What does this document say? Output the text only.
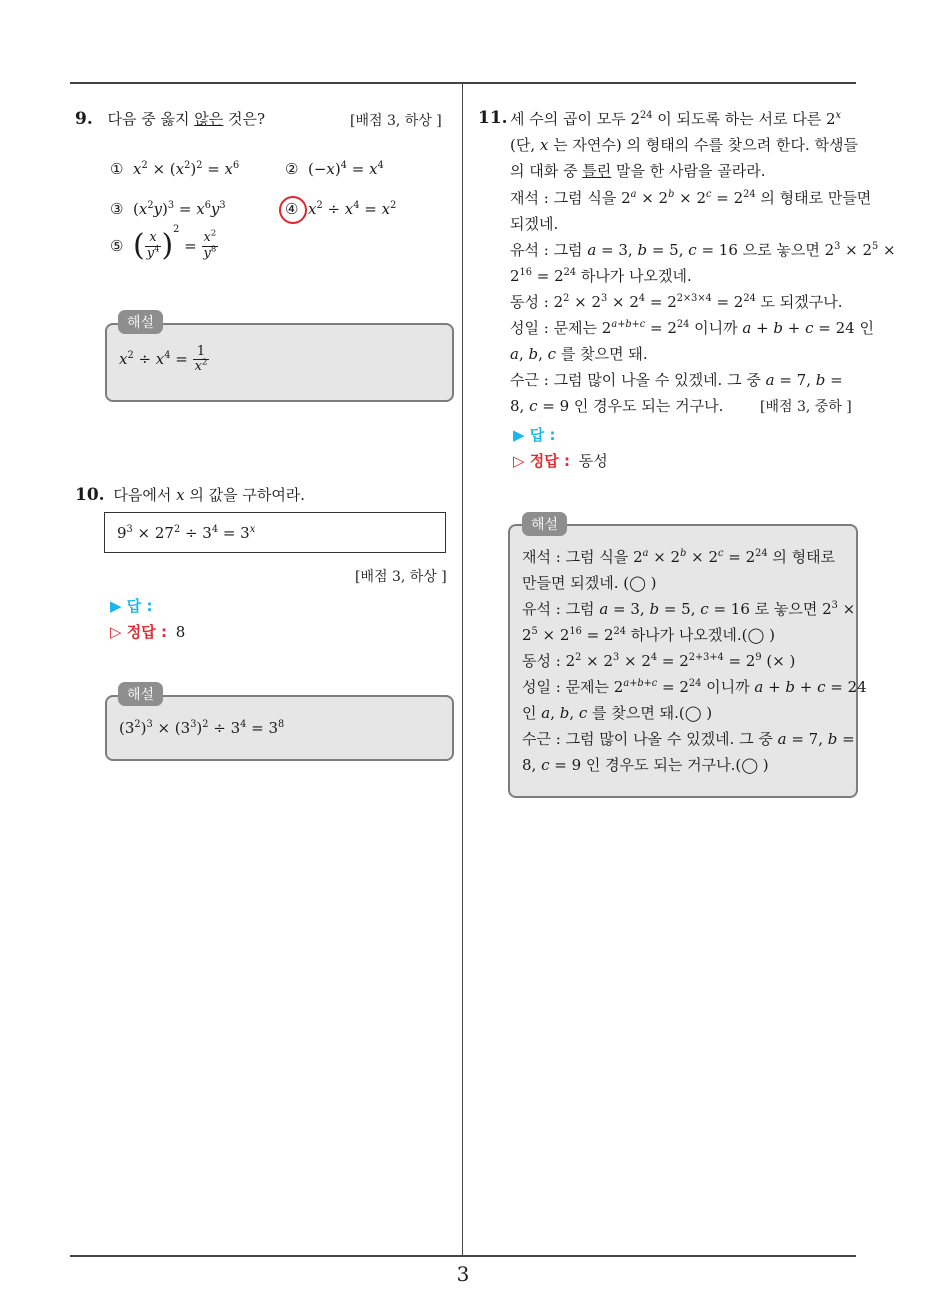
9. 다음 중 옳지 않은 것은?	[배점 3, 하상 ]
① $x^2 \times (x^2)^2 = x^6$	② $(-x)^4 = x^4$
③ $(x^2y)^3 = x^6y^3$	④ $x^2 \div x^4 = x^2$
⑤ ( $\frac{x}{y^4} )^2 = \frac{x^2}{y^8}$
$x^2 \div x^4 = \frac{1}{x^2}$
해설
10. 다음에서 x 의 값을 구하여라.
$9^3 \times 27^2 \div 3^4 = 3^x$
[배점 3, 하상 ]
▶ 답 :
▷ 정답 : 8
$(3^2)^3 \times (3^3)^2 \div 3^4 = 3^8$
해설
11. 세 수의 곱이 모두 $2^{24}$ 이 되도록 하는 서로 다른 2$^x$
(단, x 는 자연수) 의 형태의 수를 찾으려 한다. 학생들
의 대화 중 틀린 말을 한 사람을 골라라.
재석 : 그럼 식을 $2^a \times 2^b \times 2^c = 2^{24}$ 의 형태로 만들면
되겠네.
유석 : 그럼 a = 3, b = 5, c = 16 으로 놓으면 $2^3 \times 2^5$ ×
$2^{16} = 2^{24}$ 하나가 나오겠네.
동성 : $2^2 \times 2^3 \times 2^4 = 2^{2\times 3\times 4} = 2^{24}$ 도 되겠구나.
성일 : 문제는 $2^{a+b+c} = 2^{24}$ 이니까 a + b + c = 24 인
a, b, c 를 찾으면 돼.
수근 : 그럼 많이 나올 수 있겠네. 그 중 a = 7, b =
8, c = 9 인 경우도 되는 거구나.	[배점 3, 중하 ]
▶ 답 :
▷ 정답 : 동성
재석 : 그럼 식을 $2^a \times 2^b \times 2^c = 2^{24}$ 의 형태로
만들면 되겠네. (◯ )
유석 : 그럼 a = 3, b = 5, c = 16 로 놓으면 $2^3$ ×
$2^5 \times 2^{16} = 2^{24}$ 하나가 나오겠네.(◯ )
동성 : $2^2 \times 2^3 \times 2^4 = 2^{2+3+4} = 2^9$ (× )
성일 : 문제는 $2^{a+b+c} = 2^{24}$ 이니까 a + b + c = 24
인 a, b, c 를 찾으면 돼.(◯ )
수근 : 그럼 많이 나올 수 있겠네. 그 중 a = 7, b =
8, c = 9 인 경우도 되는 거구나.(◯ )
해설
3
